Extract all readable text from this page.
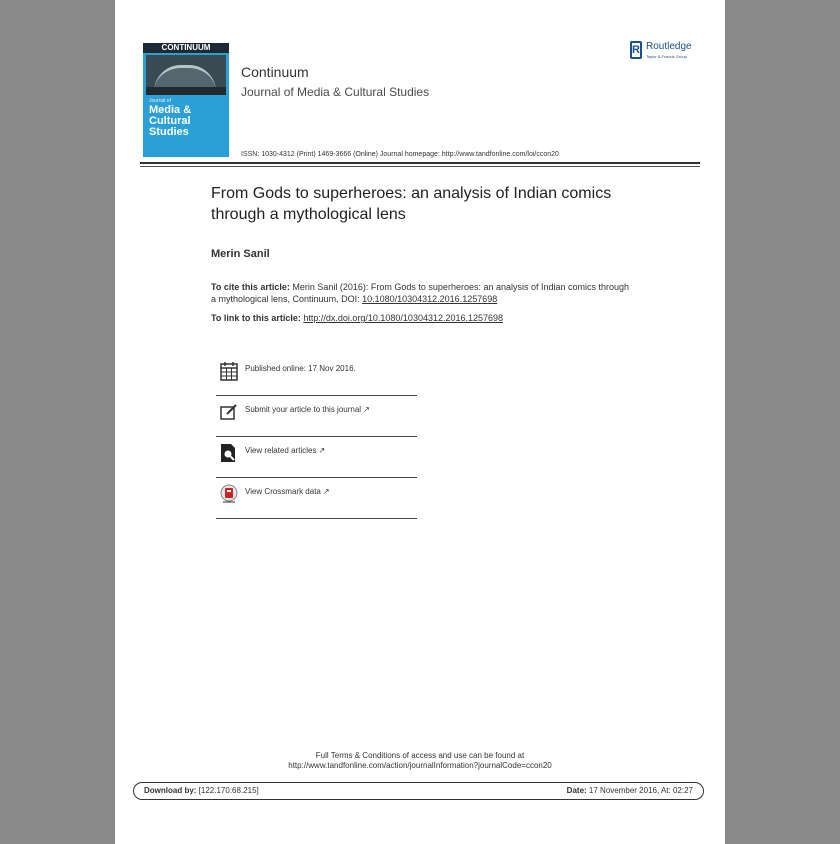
CONTINUUM
Journal of
Media & Cultural Studies
Continuum
Journal of Media & Cultural Studies
R Routledge
Taylor & Francis Group
ISSN: 1030-4312 (Print) 1469-3666 (Online) Journal homepage: http://www.tandfonline.com/loi/ccon20
From Gods to superheroes: an analysis of Indian comics through a mythological lens
Merin Sanil
To cite this article: Merin Sanil (2016): From Gods to superheroes: an analysis of Indian comics through a mythological lens, Continuum, DOI: 10.1080/10304312.2016.1257698
To link to this article: http://dx.doi.org/10.1080/10304312.2016.1257698
Published online: 17 Nov 2016.
Submit your article to this journal ↗
View related articles ↗
View Crossmark data ↗
Full Terms & Conditions of access and use can be found at
http://www.tandfonline.com/action/journalInformation?journalCode=ccon20
Download by: [122.170.68.215]	Date: 17 November 2016, At: 02:27
